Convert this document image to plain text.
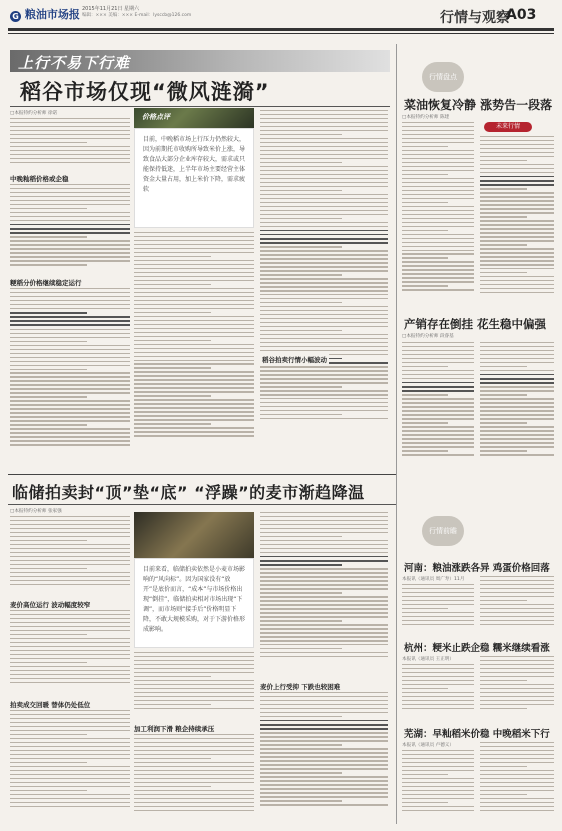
G 粮油市场报 2015年11月21日 星期六
编辑：××× 美编：××× E-mail：lysccb@126.com	行情与观察
A03
上行不易下行难
稻谷市场仅现“微风涟漪”
□本报特约分析师 徐诺
中晚籼稻价格或企稳
粳稻分价格继续稳定运行
价格点评
目前，中晚稻市场上行压力仍然较大，因为前期托市收购所导致米价上涨，导致食品大部分企业库存较大，需求或只能保持低迷，上半年市场主要经营主体资金大量占用，加上米价下降，需求疲软
行情盘点
菜油恢复冷静 涨势告一段落
□本报特约分析师 陈建
未来行情
产销存在倒挂 花生稳中偏强
□本报特约分析师 段睿基
稻谷拍卖行情小幅波动
临储拍卖封“顶”垫“底” “浮躁”的麦市渐趋降温
□本报特约分析师 张家强
麦价高位运行 波动幅度较窄
拍卖成交回暖 替体仍处低位
目前来看，临储拍卖依然是小麦市场影响的“风向标”。因为国家没有“放开”是底价而言，“成本”与市场价格出现“倒挂”，临储拍卖相对市场出现“下调”，而市场则“接手后”价格明显下降，不敢大规模采购，对于下游价格形成影响。
加工利润下滑 粮企持续承压
麦价上行受抑 下跌也较困难
行情前瞻
河南：粮油涨跌各异 鸡蛋价格回落
本报讯（通讯员 周广寿）11月
杭州：粳米止跌企稳 糯米继续看涨
本报讯（通讯员 王正明）
芜湖：早籼稻米价稳 中晚稻米下行
本报讯（通讯员 卢德义）
